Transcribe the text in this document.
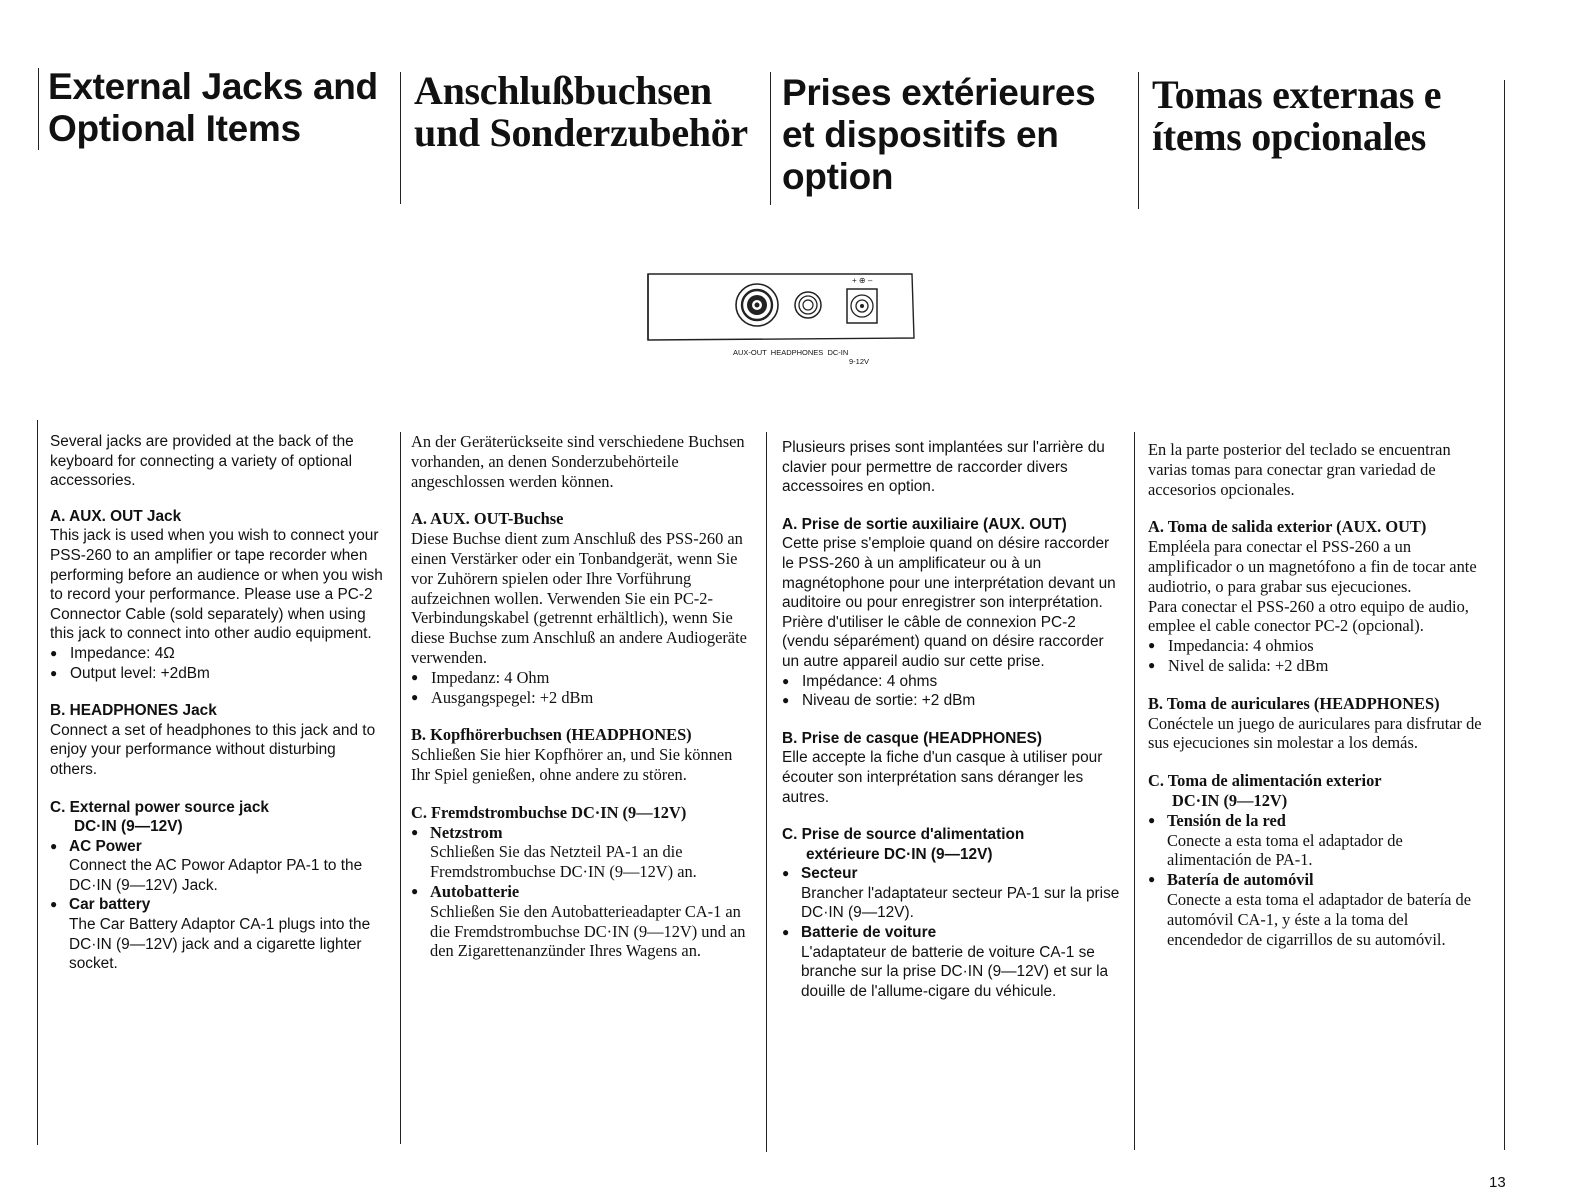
External Jacks and
Optional Items
Anschlußbuchsen
und Sonderzubehör
Prises extérieures
et dispositifs en
option
Tomas externas e
ítems opcionales
+ ⊕ –
AUX-OUT  HEADPHONES  DC-IN
9-12V

Several jacks are provided at the back of the keyboard for connecting a variety of optional accessories.

A. AUX. OUT Jack

This jack is used when you wish to connect your PSS-260 to an amplifier or tape recorder when performing before an audience or when you wish to record your performance. Please use a PC-2 Connector Cable (sold separately) when using this jack to connect into other audio equipment.

● Impedance: 4Ω

● Output level: +2dBm

B. HEADPHONES Jack

Connect a set of headphones to this jack and to enjoy your performance without disturbing others.

C. External power source jack

DC·IN (9—12V)

● AC Power

Connect the AC Powor Adaptor PA-1 to the DC·IN (9—12V) Jack.

● Car battery

The Car Battery Adaptor CA-1 plugs into the DC·IN (9—12V) jack and a cigarette lighter socket.

An der Geräterückseite sind verschiedene Buchsen vorhanden, an denen Sonderzubehörteile angeschlossen werden können.

A. AUX. OUT-Buchse

Diese Buchse dient zum Anschluß des PSS-260 an einen Verstärker oder ein Tonbandgerät, wenn Sie vor Zuhörern spielen oder Ihre Vorführung aufzeichnen wollen. Verwenden Sie ein PC-2-Verbindungskabel (getrennt erhältlich), wenn Sie diese Buchse zum Anschluß an andere Audiogeräte verwenden.

● Impedanz: 4 Ohm

● Ausgangspegel: +2 dBm

B. Kopfhörerbuchsen (HEADPHONES)

Schließen Sie hier Kopfhörer an, und Sie können Ihr Spiel genießen, ohne andere zu stören.

C. Fremdstrombuchse DC·IN (9—12V)

● Netzstrom

Schließen Sie das Netzteil PA-1 an die Fremdstrombuchse DC·IN (9—12V) an.

● Autobatterie

Schließen Sie den Autobatterieadapter CA-1 an die Fremdstrombuchse DC·IN (9—12V) und an den Zigarettenanzünder Ihres Wagens an.

Plusieurs prises sont implantées sur l'arrière du clavier pour permettre de raccorder divers accessoires en option.

A. Prise de sortie auxiliaire (AUX. OUT)

Cette prise s'emploie quand on désire raccorder le PSS-260 à un amplificateur ou à un magnétophone pour une interprétation devant un auditoire ou pour enregistrer son interprétation. Prière d'utiliser le câble de connexion PC-2 (vendu séparément) quand on désire raccorder un autre appareil audio sur cette prise.

● Impédance: 4 ohms

● Niveau de sortie: +2 dBm

B. Prise de casque (HEADPHONES)

Elle accepte la fiche d'un casque à utiliser pour écouter son interprétation sans déranger les autres.

C. Prise de source d'alimentation

extérieure DC·IN (9—12V)

● Secteur

Brancher l'adaptateur secteur PA-1 sur la prise DC·IN (9—12V).

● Batterie de voiture

L'adaptateur de batterie de voiture CA-1 se branche sur la prise DC·IN (9—12V) et sur la douille de l'allume-cigare du véhicule.

En la parte posterior del teclado se encuentran varias tomas para conectar gran variedad de accesorios opcionales.

A. Toma de salida exterior (AUX. OUT)

Empléela para conectar el PSS-260 a un amplificador o un magnetófono a fin de tocar ante audiotrio, o para grabar sus ejecuciones.

Para conectar el PSS-260 a otro equipo de audio, emplee el cable conector PC-2 (opcional).

● Impedancia: 4 ohmios

● Nivel de salida: +2 dBm

B. Toma de auriculares (HEADPHONES)

Conéctele un juego de auriculares para disfrutar de sus ejecuciones sin molestar a los demás.

C. Toma de alimentación exterior

DC·IN (9—12V)

● Tensión de la red

Conecte a esta toma el adaptador de alimentación de PA-1.

● Batería de automóvil

Conecte a esta toma el adaptador de batería de automóvil CA-1, y éste a la toma del encendedor de cigarrillos de su automóvil.

13
